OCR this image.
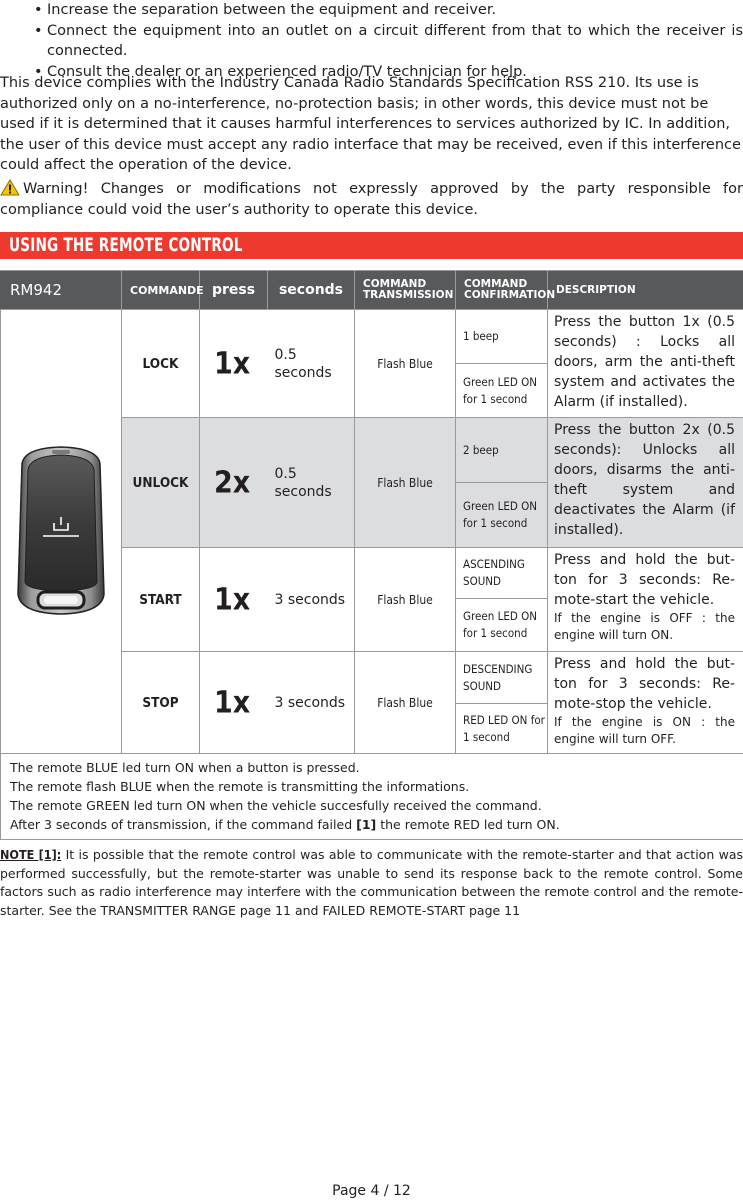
• Increase the separation between the equipment and receiver.
• Connect the equipment into an outlet on a circuit different from that to which the receiver is connected.
• Consult the dealer or an experienced radio/TV technician for help.
This device complies with the Industry Canada Radio Standards Specification RSS 210. Its use is authorized only on a no-interference, no-protection basis; in other words, this device must not be used if it is determined that it causes harmful interferences to services authorized by IC. In addition, the user of this device must accept any radio interface that may be received, even if this interference could affect the operation of the device.
Warning! Changes or modifications not expressly approved by the party responsible for compliance could void the user’s authority to operate this device.
USING THE REMOTE CONTROL
RM942	COMMANDE	press	seconds	COMMAND TRANSMISSION	COMMAND CONFIRMATION	DESCRIPTION
	LOCK	1x	0.5 seconds	Flash Blue	1 beep	Press the button 1x (0.5 seconds) : Locks all doors, arm the anti-theft system and activates the Alarm (if installed).
					Green LED ON for 1 second	
	UNLOCK	2x	0.5 seconds	Flash Blue	2 beep	Press the button 2x (0.5 seconds): Unlocks all doors, disarms the anti-theft system and deactivates the Alarm (if installed).
					Green LED ON for 1 second	
	START	1x	3 seconds	Flash Blue	ASCENDING SOUND	Press and hold the but-ton for 3 seconds: Re-mote-start the vehicle.
If the engine is OFF : the engine will turn ON.

					Green LED ON for 1 second	
	STOP	1x	3 seconds	Flash Blue	DESCENDING SOUND	Press and hold the but-ton for 3 seconds: Re-mote-stop the vehicle.
If the engine is ON : the engine will turn OFF.

					RED LED ON for 1 second	

The remote BLUE led turn ON when a button is pressed.
The remote flash BLUE when the remote is transmitting the informations.
The remote GREEN led turn ON when the vehicle succesfully received the command.
After 3 seconds of transmission, if the command failed [1] the remote RED led turn ON.						
NOTE [1]: It is possible that the remote control was able to communicate with the remote-starter and that action was performed successfully, but the remote-starter was unable to send its response back to the remote control. Some factors such as radio interference may interfere with the communication between the remote control and the remote-starter. See the TRANSMITTER RANGE page 11 and FAILED REMOTE-START page 11
Page 4 / 12
